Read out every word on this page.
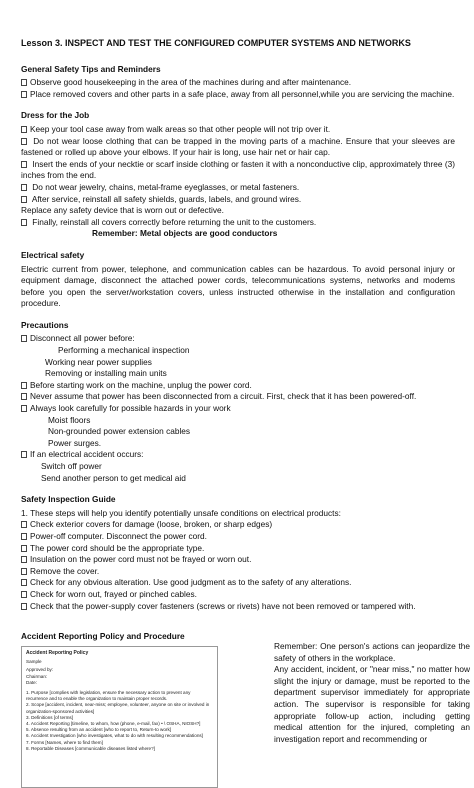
Lesson 3. INSPECT AND TEST THE CONFIGURED COMPUTER SYSTEMS AND NETWORKS
General Safety Tips and Reminders
Observe good housekeeping in the area of the machines during and after maintenance.
Place removed covers and other parts in a safe place, away from all personnel,while you are servicing the machine.
Dress for the Job
Keep your tool case away from walk areas so that other people will not trip over it.
Do not wear loose clothing that can be trapped in the moving parts of a machine. Ensure that your sleeves are fastened or rolled up above your elbows. If your hair is long, use hair net or hair cap.
Insert the ends of your necktie or scarf inside clothing or fasten it with a nonconductive clip, approximately three (3) inches from the end.
Do not wear jewelry, chains, metal-frame eyeglasses, or metal fasteners.
After service, reinstall all safety shields, guards, labels, and ground wires.
Replace any safety device that is worn out or defective.
Finally, reinstall all covers correctly before returning the unit to the customers.
Remember: Metal objects are good conductors
Electrical safety
Electric current from power, telephone, and communication cables can be hazardous. To avoid personal injury or equipment damage, disconnect the attached power cords, telecommunications systems, networks and modems before you open the server/workstation covers, unless instructed otherwise in the installation and configuration procedure.
Precautions
Disconnect all power before:
Performing a mechanical inspection
Working near power supplies
Removing or installing main units
Before starting work on the machine, unplug the power cord.
Never assume that power has been disconnected from a circuit. First, check that it has been powered-off.
Always look carefully for possible hazards in your work
Moist floors
Non-grounded power extension cables
Power surges.
If an electrical accident occurs:
Switch off power
Send another person to get medical aid
Safety Inspection Guide
1. These steps will help you identify potentially unsafe conditions on electrical products:
Check exterior covers for damage (loose, broken, or sharp edges)
Power-off computer. Disconnect the power cord.
The power cord should be the appropriate type.
Insulation on the power cord must not be frayed or worn out.
Remove the cover.
Check for any obvious alteration. Use good judgment as to the safety of any alterations.
Check for worn out, frayed or pinched cables.
Check that the power-supply cover fasteners (screws or rivets) have not been removed or tampered with.
Accident Reporting Policy and Procedure
Accident Reporting Policy
Sample
Approved by:
Chairman:
Date:
1. Purpose [complies with legislation, ensure the necessary action to prevent any recurrence and to enable the organization to maintain proper records.
2. Scope [accident, incident, near-miss; employee, volunteer, anyone on site or involved in organization-sponsored activities]
3. Definitions [of terms]
4. Accident Reporting [timeline, to whom, how (phone, e-mail, fax) • \ OSHA, NIOSH?]
5. Absence resulting from an accident [who to report to, Return-to work]
6. Accident Investigation [who investigates, what to do with resulting recommendations]
7. Forms [Names, where to find them]
8. Reportable Diseases [communicable diseases listed where?]
Remember: One person's actions can jeopardize the safety of others in the workplace.
Any accident, incident, or "near miss," no matter how slight the injury or damage, must be reported to the department supervisor immediately for appropriate action. The supervisor is responsible for taking appropriate follow-up action, including getting medical attention for the injured, completing an investigation report and recommending or
